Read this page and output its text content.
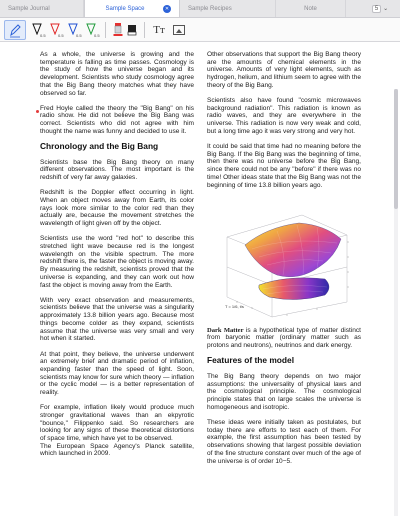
Sample Journal	Sample Space	✕	Sample Recipes	Note	5 ⌄
0.5	0.5	0.5	0.5	Tт

As a whole, the universe is growing and the temperature is falling as time passes. Cosmology is the study of how the universe began and its development. Scientists who study cosmology agree that the Big Bang theory matches what they have observed so far.

Fred Hoyle called the theory the "Big Bang" on his radio show. He did not believe the Big Bang was correct. Scientists who did not agree with him thought the name was funny and decided to use it.

Chronology and the Big Bang

Scientists base the Big Bang theory on many different observations. The most important is the redshift of very far away galaxies.

Redshift is the Doppler effect occurring in light. When an object moves away from Earth, its color rays look more similar to the color red than they actually are, because the movement stretches the wavelength of light given off by the object.

Scientists use the word "red hot" to describe this stretched light wave because red is the longest wavelength on the visible spectrum. The more redshift there is, the faster the object is moving away. By measuring the redshift, scientists proved that the universe is expanding, and they can work out how fast the object is moving away from the Earth.

With very exact observation and measurements, scientists believe that the universe was a singularity approximately 13.8 billion years ago. Because most things become colder as they expand, scientists assume that the universe was very small and very hot when it started.

At that point, they believe, the universe underwent an extremely brief and dramatic period of inflation, expanding faster than the speed of light. Soon, scientists may know for sure which theory — inflation or the cyclic model — is a better representation of reality.

For example, inflation likely would produce much stronger gravitational waves than an ekpyrotic "bounce," Filippenko said. So researchers are looking for any signs of these theoretical distortions of space time, which have yet to be observed.

The European Space Agency's Planck satellite, which launched in 2009.

Other observations that support the Big Bang theory are the amounts of chemical elements in the universe. Amounts of very light elements, such as hydrogen, helium, and lithium seem to agree with the theory of the Big Bang.

Scientists also have found "cosmic microwaves background radiation". This radiation is known as radio waves, and they are everywhere in the universe. This radiation is now very weak and cold, but a long time ago it was very strong and very hot.

It could be said that time had no meaning before the Big Bang. If the Big Bang was the beginning of time, then there was no universe before the Big Bang, since there could not be any "before" if there was no time! Other ideas state that the Big Bang was not the beginning of time 13.8 billion years ago.

T = 1/6, t/s

Dark Matter is a hypothetical type of matter distinct from baryonic matter (ordinary matter such as protons and neutrons), neutrinos and dark energy.

Features of the model

The Big Bang theory depends on two major assumptions: the universality of physical laws and the cosmological principle. The cosmological principle states that on large scales the universe is homogeneous and isotropic.

These ideas were initially taken as postulates, but today there are efforts to test each of them. For example, the first assumption has been tested by observations showing that largest possible deviation of the fine structure constant over much of the age of the universe is of order 10−5.
